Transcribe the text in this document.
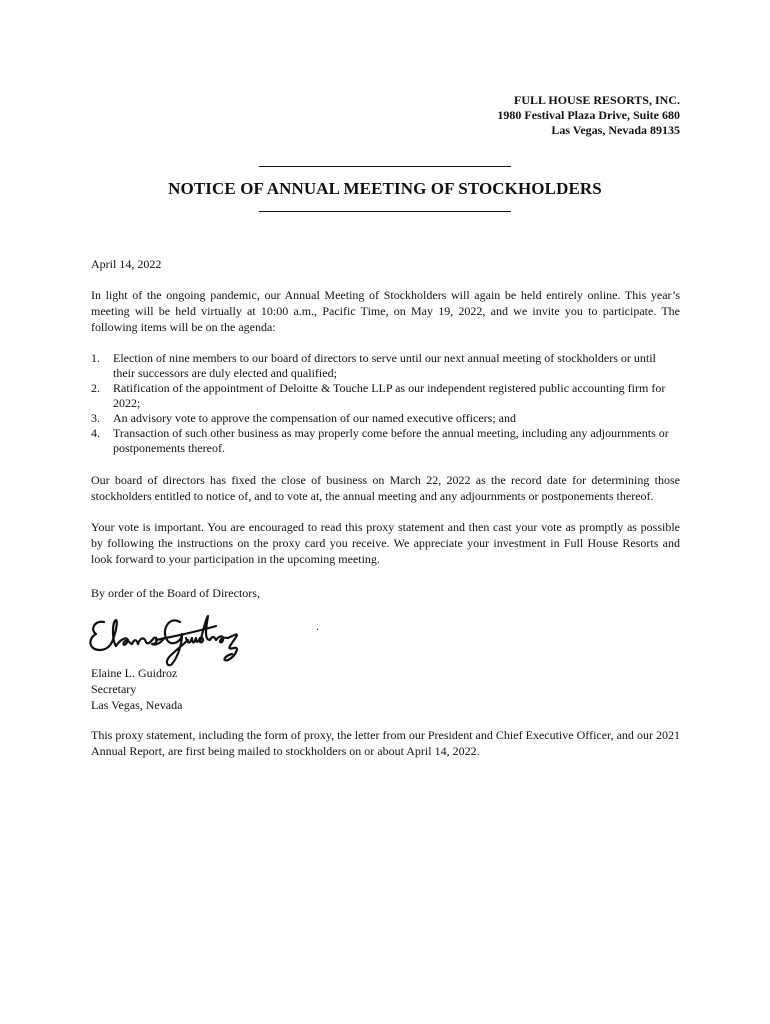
FULL HOUSE RESORTS, INC.
1980 Festival Plaza Drive, Suite 680
Las Vegas, Nevada 89135
NOTICE OF ANNUAL MEETING OF STOCKHOLDERS
April 14, 2022
In light of the ongoing pandemic, our Annual Meeting of Stockholders will again be held entirely online. This year’s meeting will be held virtually at 10:00 a.m., Pacific Time, on May 19, 2022, and we invite you to participate. The following items will be on the agenda:
1. Election of nine members to our board of directors to serve until our next annual meeting of stockholders or until their successors are duly elected and qualified;
2. Ratification of the appointment of Deloitte & Touche LLP as our independent registered public accounting firm for 2022;
3. An advisory vote to approve the compensation of our named executive officers; and
4. Transaction of such other business as may properly come before the annual meeting, including any adjournments or postponements thereof.
Our board of directors has fixed the close of business on March 22, 2022 as the record date for determining those stockholders entitled to notice of, and to vote at, the annual meeting and any adjournments or postponements thereof.
Your vote is important. You are encouraged to read this proxy statement and then cast your vote as promptly as possible by following the instructions on the proxy card you receive. We appreciate your investment in Full House Resorts and look forward to your participation in the upcoming meeting.
By order of the Board of Directors,
.
Elaine L. Guidroz
Secretary
Las Vegas, Nevada
This proxy statement, including the form of proxy, the letter from our President and Chief Executive Officer, and our 2021 Annual Report, are first being mailed to stockholders on or about April 14, 2022.
